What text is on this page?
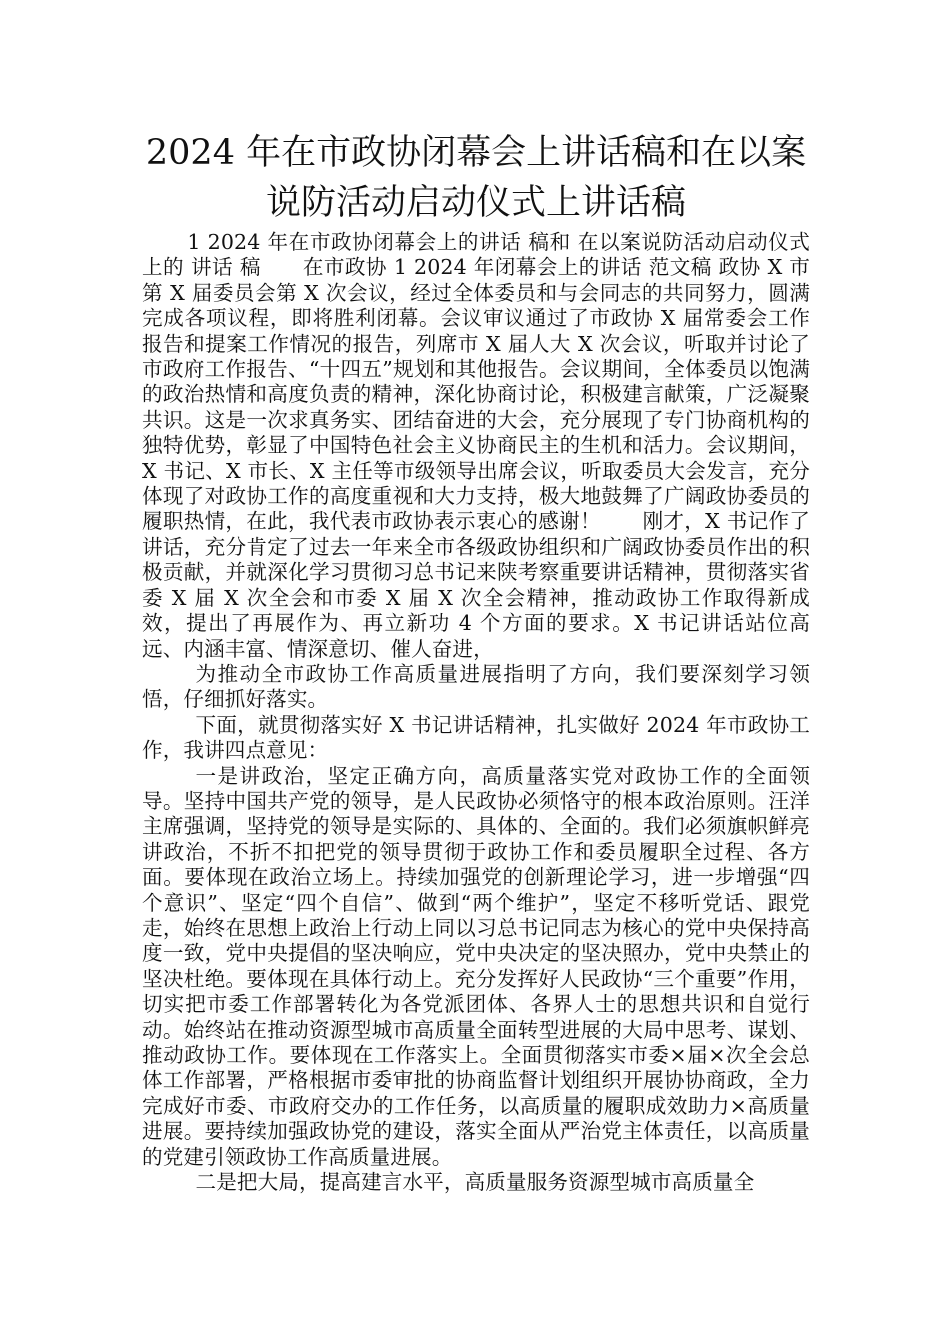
2024 年在市政协闭幕会上讲话稿和在以案
说防活动启动仪式上讲话稿

1 2024 年在市政协闭幕会上的讲话 稿和 在以案说防活动启动仪式上的 讲话 稿　　在市政协 1 2024 年闭幕会上的讲话 范文稿 政协 X 市第 X 届委员会第 X 次会议，经过全体委员和与会同志的共同努力，圆满完成各项议程，即将胜利闭幕。会议审议通过了市政协 X 届常委会工作报告和提案工作情况的报告，列席市 X 届人大 X 次会议，听取并讨论了市政府工作报告、“十四五”规划和其他报告。会议期间，全体委员以饱满的政治热情和高度负责的精神，深化协商讨论，积极建言献策，广泛凝聚共识。这是一次求真务实、团结奋进的大会，充分展现了专门协商机构的独特优势，彰显了中国特色社会主义协商民主的生机和活力。会议期间，X 书记、X 市长、X 主任等市级领导出席会议，听取委员大会发言，充分体现了对政协工作的高度重视和大力支持，极大地鼓舞了广阔政协委员的履职热情，在此，我代表市政协表示衷心的感谢！　　刚才，X 书记作了讲话，充分肯定了过去一年来全市各级政协组织和广阔政协委员作出的积极贡献，并就深化学习贯彻习总书记来陕考察重要讲话精神，贯彻落实省委 X 届 X 次全会和市委 X 届 X 次全会精神，推动政协工作取得新成效，提出了再展作为、再立新功 4 个方面的要求。X 书记讲话站位高远、内涵丰富、情深意切、催人奋进，

为推动全市政协工作高质量进展指明了方向，我们要深刻学习领悟，仔细抓好落实。

下面，就贯彻落实好 X 书记讲话精神，扎实做好 2024 年市政协工作，我讲四点意见：

一是讲政治，坚定正确方向，高质量落实党对政协工作的全面领导。坚持中国共产党的领导，是人民政协必须恪守的根本政治原则。汪洋主席强调，坚持党的领导是实际的、具体的、全面的。我们必须旗帜鲜亮讲政治，不折不扣把党的领导贯彻于政协工作和委员履职全过程、各方面。要体现在政治立场上。持续加强党的创新理论学习，进一步增强“四个意识”、坚定“四个自信”、做到“两个维护”，坚定不移听党话、跟党走，始终在思想上政治上行动上同以习总书记同志为核心的党中央保持高度一致，党中央提倡的坚决响应，党中央决定的坚决照办，党中央禁止的坚决杜绝。要体现在具体行动上。充分发挥好人民政协“三个重要”作用，切实把市委工作部署转化为各党派团体、各界人士的思想共识和自觉行动。始终站在推动资源型城市高质量全面转型进展的大局中思考、谋划、推动政协工作。要体现在工作落实上。全面贯彻落实市委×届×次全会总体工作部署，严格根据市委审批的协商监督计划组织开展协协商政，全力完成好市委、市政府交办的工作任务，以高质量的履职成效助力×高质量进展。要持续加强政协党的建设，落实全面从严治党主体责任，以高质量的党建引领政协工作高质量进展。

二是把大局，提高建言水平，高质量服务资源型城市高质量全
